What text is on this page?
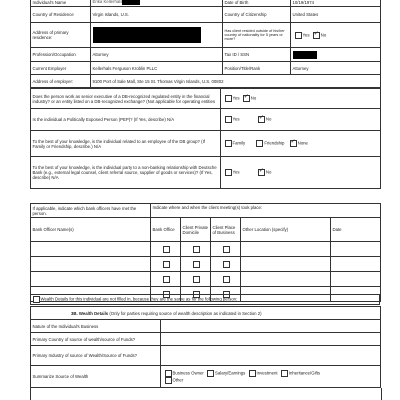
Individual's Name	Erika Kellerhals	Date of Birth	10/19/1974
Country of Residence	Virgin Islands, U.S.	Country of Citizenship	United States
Address of primary residence:		Has client resided outside of his/her country of nationality for 5 years or more?	Yes ✓ No
Profession/Occupation	Attorney	Tax ID / SSN	
Current Employer	Kellerhals Ferguson Kroblin PLLC	Position/Title/Rank	Attorney
Address of employer:	9100 Port of Sale Mall, Ste 15 St. Thomas Virgin Islands, U.S. 00802		
Does the person work as senior executive of a DB-recognized regulated entity in the financial industry? or an entity listed on a DB-recognized exchange? (Not applicable for operating entities	Yes ✓ No
Is the individual a Politically Exposed Person (PEP)? (If Yes, describe) N/A	Yes ✓ No
To the best of your knowledge, is the individual related to an employee of the DB group? (If Family or Friendship, describe.) N/A	Family Friendship ✓ None
To the best of your knowledge, is the individual party to a non-banking relationship with Deutsche Bank (e.g., external legal counsel, client referral source, supplier of goods or services)? (If Yes, describe) N/A	Yes ✓ No
If applicable, indicate which bank officers have met the person.	Indicate where and when the client meeting(s) took place:				
Bank Officer Name(s)	Bank Office	Client Private Domicile	Client Place of Business	Other Location (specify)	Date

Wealth Details for this individual are not filled in, because they are the same as for the following person:
3B. Wealth Details (Only for parties requiring source of wealth description as indicated in Section 2)	
Nature of the Individual's Business	
Primary Country of source of wealth/source of Funds?	
Primary Industry of source of Wealth/Source of Funds?	
Summarize Source of Wealth	Business Owner Salary/Earnings Investment Inheritance/Gifts
Other
